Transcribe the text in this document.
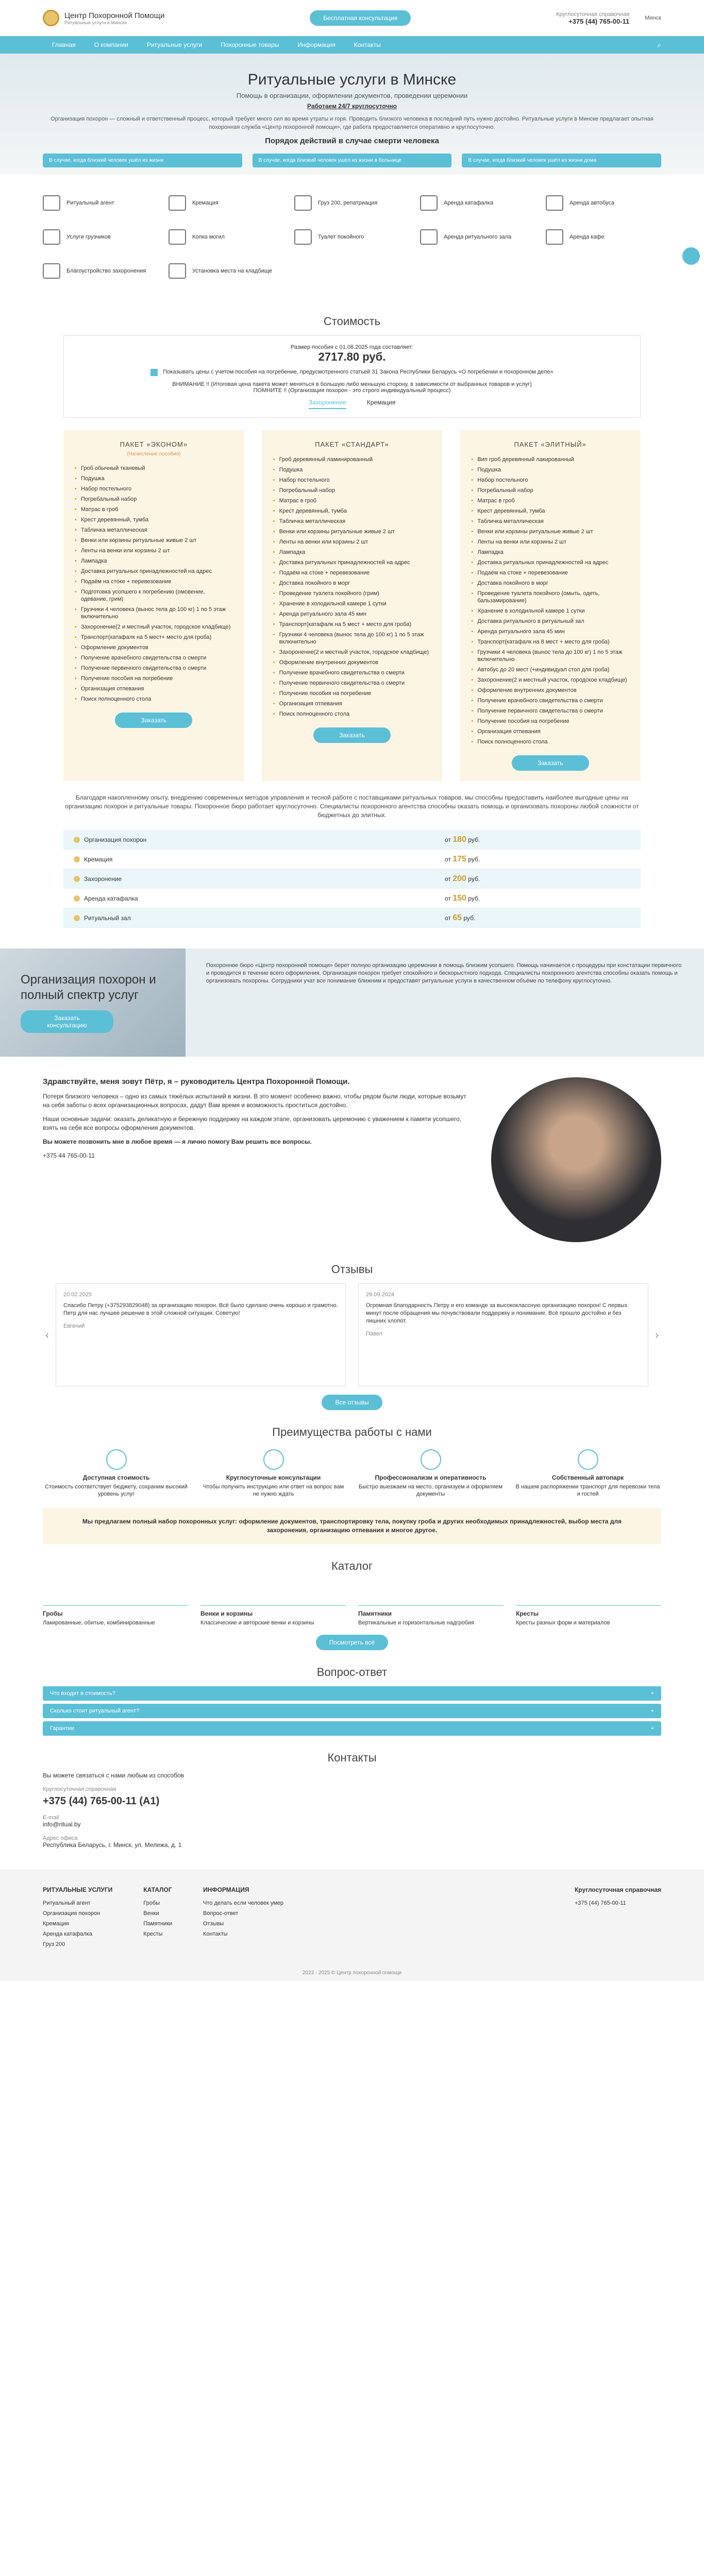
Центр Похоронной Помощи
Ритуальные услуги в Минске
Бесплатная консультация
Круглосуточная справочная
+375 (44) 765-00-11	Минск
Главная	О компании	Ритуальные услуги	Похоронные товары	Информация	Контакты	⌕
Ритуальные услуги в Минске
Помощь в организации, оформлении документов, проведении церемонии
Работаем 24/7 круглосуточно

Организация похорон — сложный и ответственный процесс, который требует много сил во время утраты и горя. Проводить близкого человека в последний путь нужно достойно. Ритуальные услуги в Минске предлагает опытная похоронная служба «Центр похоронной помощи», где работа предоставляется оперативно и круглосуточно.

Порядок действий в случае смерти человека
В случае, когда близкий человек ушёл из жизни	В случае, когда близкий человек ушёл из жизни в больнице	В случае, когда близкий человек ушёл из жизни дома
Ритуальный агент	Кремация	Груз 200, репатриация	Аренда катафалка	Аренда автобуса
Услуги грузчиков	Копка могил	Туалет покойного	Аренда ритуального зала	Аренда кафе
Благоустройство захоронения	Установка места на кладбище
Стоимость
Размер пособия с 01.08.2025 года составляет:
2717.80 руб.
Показывать цены с учетом пособия на погребение, предусмотренного статьей 31 Закона Республики Беларусь «О погребении и похоронном деле»
ВНИМАНИЕ !! (Итоговая цена пакета может меняться в большую либо меньшую сторону, в зависимости от выбранных товаров и услуг)
ПОМНИТЕ !! (Организация похорон - это строго индивидуальный процесс)
Захоронение	Кремация
ПАКЕТ «ЭКОНОМ»
(Начисление пособия)
• Гроб обычный тканевый
• Подушка
• Набор постельного
• Погребальный набор
• Матрас в гроб
• Крест деревянный, тумба
• Табличка металлическая
• Венки или корзины ритуальные живые 2 шт
• Ленты на венки или корзины 2 шт
• Лампадка
• Доставка ритуальных принадлежностей на адрес
• Подаём на стоке + перевезование
• Подготовка усопшего к погребению (омовение, одевание, грим)
• Грузчики 4 человека (вынос тела до 100 кг) 1 по 5 этаж включительно
• Захоронение(2 и местный участок, городское кладбище)
• Транспорт(катафалк на 5 мест+ место для гроба)
• Оформление документов
• Получение врачебного свидетельства о смерти
• Получение первичного свидетельства о смерти
• Получение пособия на погребение
• Организация отпевания
• Поиск полноценного стола
Заказать
ПАКЕТ «СТАНДАРТ»
• Гроб деревянный ламинированный
• Подушка
• Набор постельного
• Погребальный набор
• Матрас в гроб
• Крест деревянный, тумба
• Табличка металлическая
• Венки или корзины ритуальные живые 2 шт
• Ленты на венки или корзины 2 шт
• Лампадка
• Доставка ритуальных принадлежностей на адрес
• Подаём на стоке + перевезование
• Доставка покойного в морг
• Проведение туалета покойного (грим)
• Хранение в холодильной камере 1 сутки
• Аренда ритуального зала 45 мин
• Транспорт(катафалк на 5 мест + место для гроба)
• Грузчики 4 человека (вынос тела до 100 кг) 1 по 5 этаж включительно
• Захоронение(2 и местный участок, городское кладбище)
• Оформление внутренних документов
• Получение врачебного свидетельства о смерти
• Получение первичного свидетельства о смерти
• Получение пособия на погребение
• Организация отпевания
• Поиск полноценного стола
Заказать
ПАКЕТ «ЭЛИТНЫЙ»
• Вип гроб деревянный лакированный
• Подушка
• Набор постельного
• Погребальный набор
• Матрас в гроб
• Крест деревянный, тумба
• Табличка металлическая
• Венки или корзины ритуальные живые 2 шт
• Ленты на венки или корзины 2 шт
• Лампадка
• Доставка ритуальных принадлежностей на адрес
• Подаём на стоке + перевезование
• Доставка покойного в морг
• Проведение туалета покойного (омыть, одеть, бальзамирование)
• Хранение в холодильной камере 1 сутки
• Доставка ритуального в ритуальный зал
• Аренда ритуального зала 45 мин
• Транспорт(катафалк на 8 мест + место для гроба)
• Грузчики 4 человека (вынос тела до 100 кг) 1 по 5 этаж включительно
• Автобус до 20 мест (+индивидуал стол для гроба)
• Захоронение(2 и местный участок, городское кладбище)
• Оформление внутренних документов
• Получение врачебного свидетельства о смерти
• Получение первичного свидетельства о смерти
• Получение пособия на погребение
• Организация отпевания
• Поиск полноценного стола
Заказать

Благодаря накопленному опыту, внедрению современных методов управления и тесной работе с поставщиками ритуальных товаров, мы способны предоставить наиболее выгодные цены на организацию похорон и ритуальные товары. Похоронное бюро работает круглосуточно. Специалисты похоронного агентства способны оказать помощь и организовать похороны любой сложности от бюджетных до элитных.

Организация похорон	от 180 руб.
Кремация	от 175 руб.
Захоронение	от 200 руб.
Аренда катафалка	от 150 руб.
Ритуальный зал	от 65 руб.
Организация похорон и полный спектр услуг
Заказать консультацию
Похоронное бюро «Центр похоронной помощи» берет полную организацию церемонии в помощь близким усопшего. Помощь начинается с процедуры при констатации первичного и проводится в течение всего оформления. Организация похорон требует спокойного и бескорыстного подхода. Специалисты похоронного агентства способны оказать помощь и организовать похороны. Сотрудники учат все понимание ближним и предоставят ритуальные услуги в качественном объёме по телефону круглосуточно.
Здравствуйте, меня зовут Пётр, я – руководитель Центра Похоронной Помощи.

Потеря близкого человека – одно из самых тяжёлых испытаний в жизни. В это момент особенно важно, чтобы рядом были люди, которые возьмут на себя заботы о всех организационных вопросах, дадут Вам время и возможность проститься достойно.

Наши основные задачи: оказать деликатную и бережную поддержку на каждом этапе, организовать церемонию с уважением к памяти усопшего, взять на себя все вопросы оформления документов.

Вы можете позвонить мне в любое время — я лично помогу Вам решить все вопросы.

+375 44 765-00-11

Отзывы
‹
20.02.2025
Спасибо Петру (+375293829048) за организацию похорон. Всё было сделано очень хорошо и грамотно. Петр для нас лучшее решение в этой сложной ситуации. Советую!
Евгений
29.09.2024
Огромная благодарность Петру и его команде за высококлассную организацию похорон! С первых минут после обращения мы почувствовали поддержку и понимание. Всё прошло достойно и без лишних хлопот.
Павел	›
Все отзывы
Преимущества работы с нами
Доступная стоимость
Стоимость соответствует бюджету, сохраним высокий уровень услуг
Круглосуточные консультации
Чтобы получить инструкцию или ответ на вопрос вам не нужно ждать
Профессионализм и оперативность
Быстро выезжаем на место, организуем и оформляем документы
Собственный автопарк
В нашем распоряжении транспорт для перевозки тела и гостей
Мы предлагаем полный набор похоронных услуг: оформление документов, транспортировку тела, покупку гроба и других необходимых принадлежностей, выбор места для захоронения, организацию отпевания и многое другое.
Каталог
Гробы
Лакированные, обитые, комбинированные
Венки и корзины
Классические и авторские венки и корзины
Памятники
Вертикальные и горизонтальные надгробия
Кресты
Кресты разных форм и материалов
Посмотреть всё
Вопрос-ответ
Что входит в стоимость?	+
Сколько стоит ритуальный агент?	+
Гарантии	+
Контакты
Вы можете связаться с нами любым из способов
Круглосуточная справочная
+375 (44) 765-00-11 (A1)
E-mail
info@ritual.by
Адрес офиса
Республика Беларусь, г. Минск, ул. Мележа, д. 1
РИТУАЛЬНЫЕ УСЛУГИ
Ритуальный агент
Организация похорон
Кремация
Аренда катафалка
Груз 200
КАТАЛОГ
Гробы
Венки
Памятники
Кресты
ИНФОРМАЦИЯ
Что делать если человек умер
Вопрос-ответ
Отзывы
Контакты
Круглосуточная справочная
+375 (44) 765-00-11
2023 - 2025 © Центр похоронной помощи
